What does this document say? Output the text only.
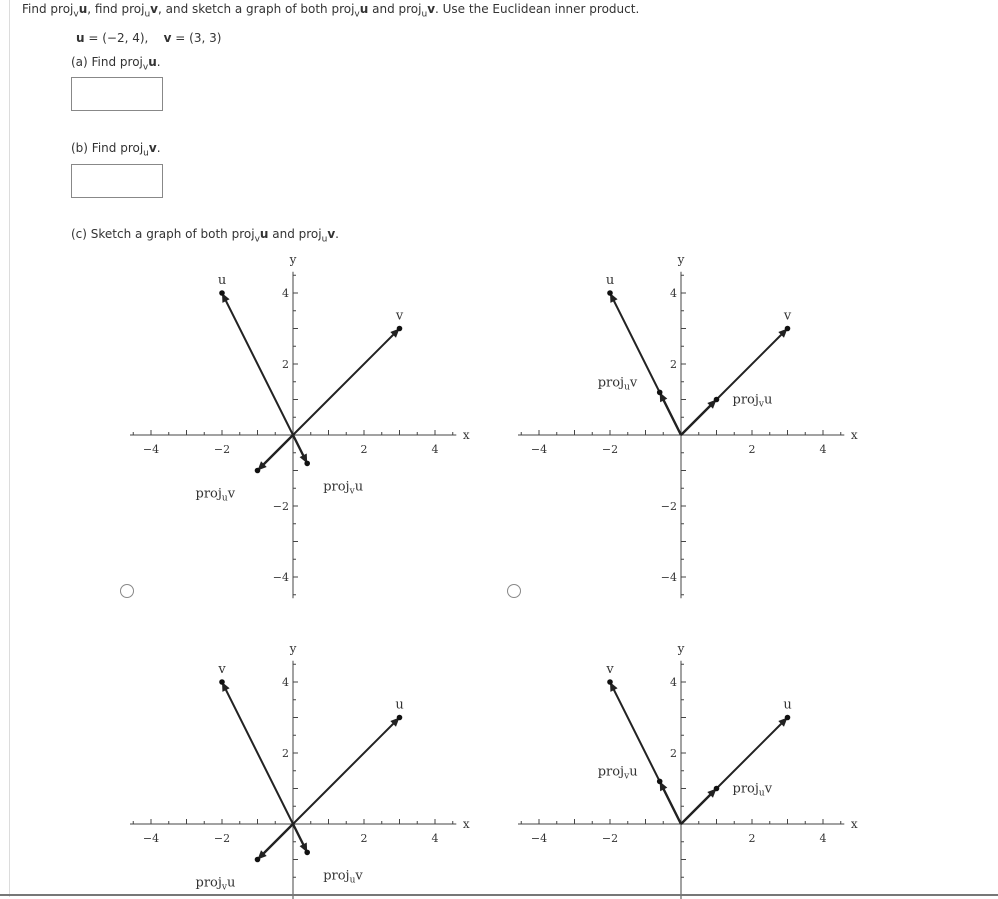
Find proj$_v$u, find proj$_u$v, and sketch a graph of both proj$_v$u and proj$_u$v. Use the Euclidean inner product.
u = (−2, 4), v = (3, 3)
(a) Find proj$_v$u.
(b) Find proj$_u$v.
(c) Sketch a graph of both proj$_v$u and proj$_u$v.
−4
−4
−2
−2
2
2
4
4
x
y
u
v
proj$_u$v	proj$_v$u
−4
−4
−2
−2
2
2
4
4
x
y
u
v
proj$_u$v
proj$_v$u
−4	−2	2
2
4
4
x
y
u
v
proj$_v$u	proj$_u$v
−4	−2	2
2
4
4
x
y
u
v
proj$_v$u
proj$_u$v
